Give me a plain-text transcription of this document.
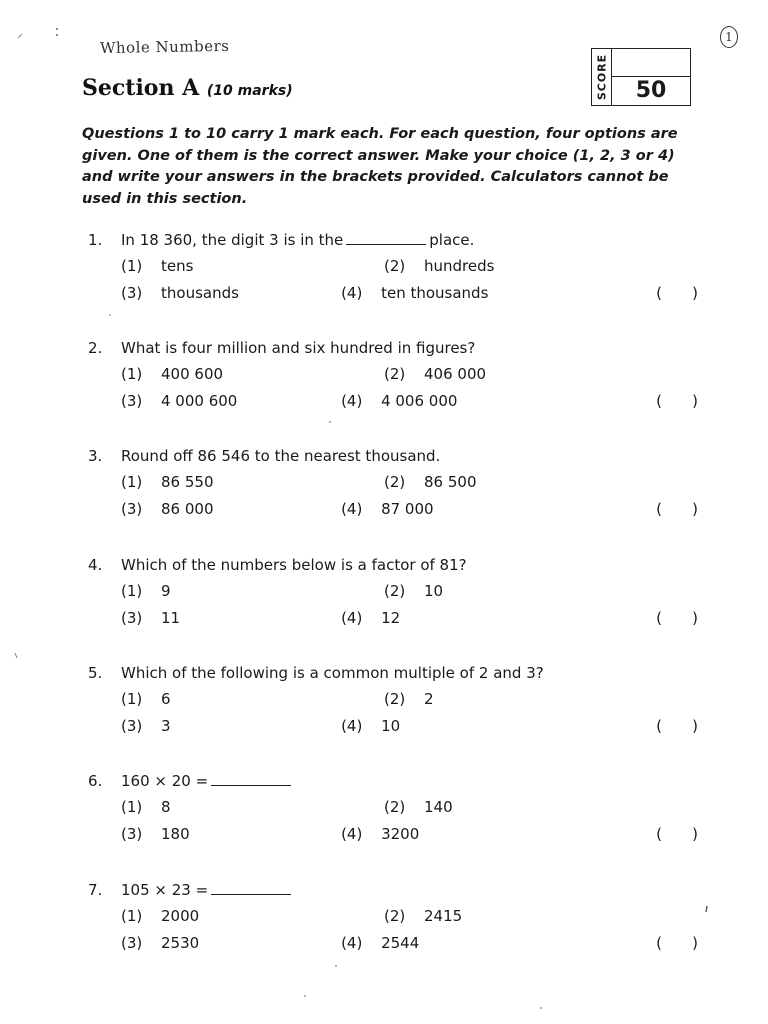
Whole Numbers	1
Section A (10 marks)	SCORE	50

Questions 1 to 10 carry 1 mark each. For each question, four options are given. One of them is the correct answer. Make your choice (1, 2, 3 or 4) and write your answers in the brackets provided. Calculators cannot be used in this section.

1.	In 18 360, the digit 3 is in the	place.
(1)	tens	(2)	hundreds
(3)	thousands	(4)	ten thousands	( )
2.	What is four million and six hundred in figures?
(1)	400 600	(2)	406 000
(3)	4 000 600	(4)	4 006 000	( )
3.	Round off 86 546 to the nearest thousand.
(1)	86 550	(2)	86 500
(3)	86 000	(4)	87 000	( )
4.	Which of the numbers below is a factor of 81?
(1)	9	(2)	10
(3)	11	(4)	12	( )
5.	Which of the following is a common multiple of 2 and 3?
(1)	6	(2)	2
(3)	3	(4)	10	( )
6.	160 × 20 =
(1)	8	(2)	140
(3)	180	(4)	3200	( )
7.	105 × 23 =
(1)	2000	(2)	2415
(3)	2530	(4)	2544	( )
